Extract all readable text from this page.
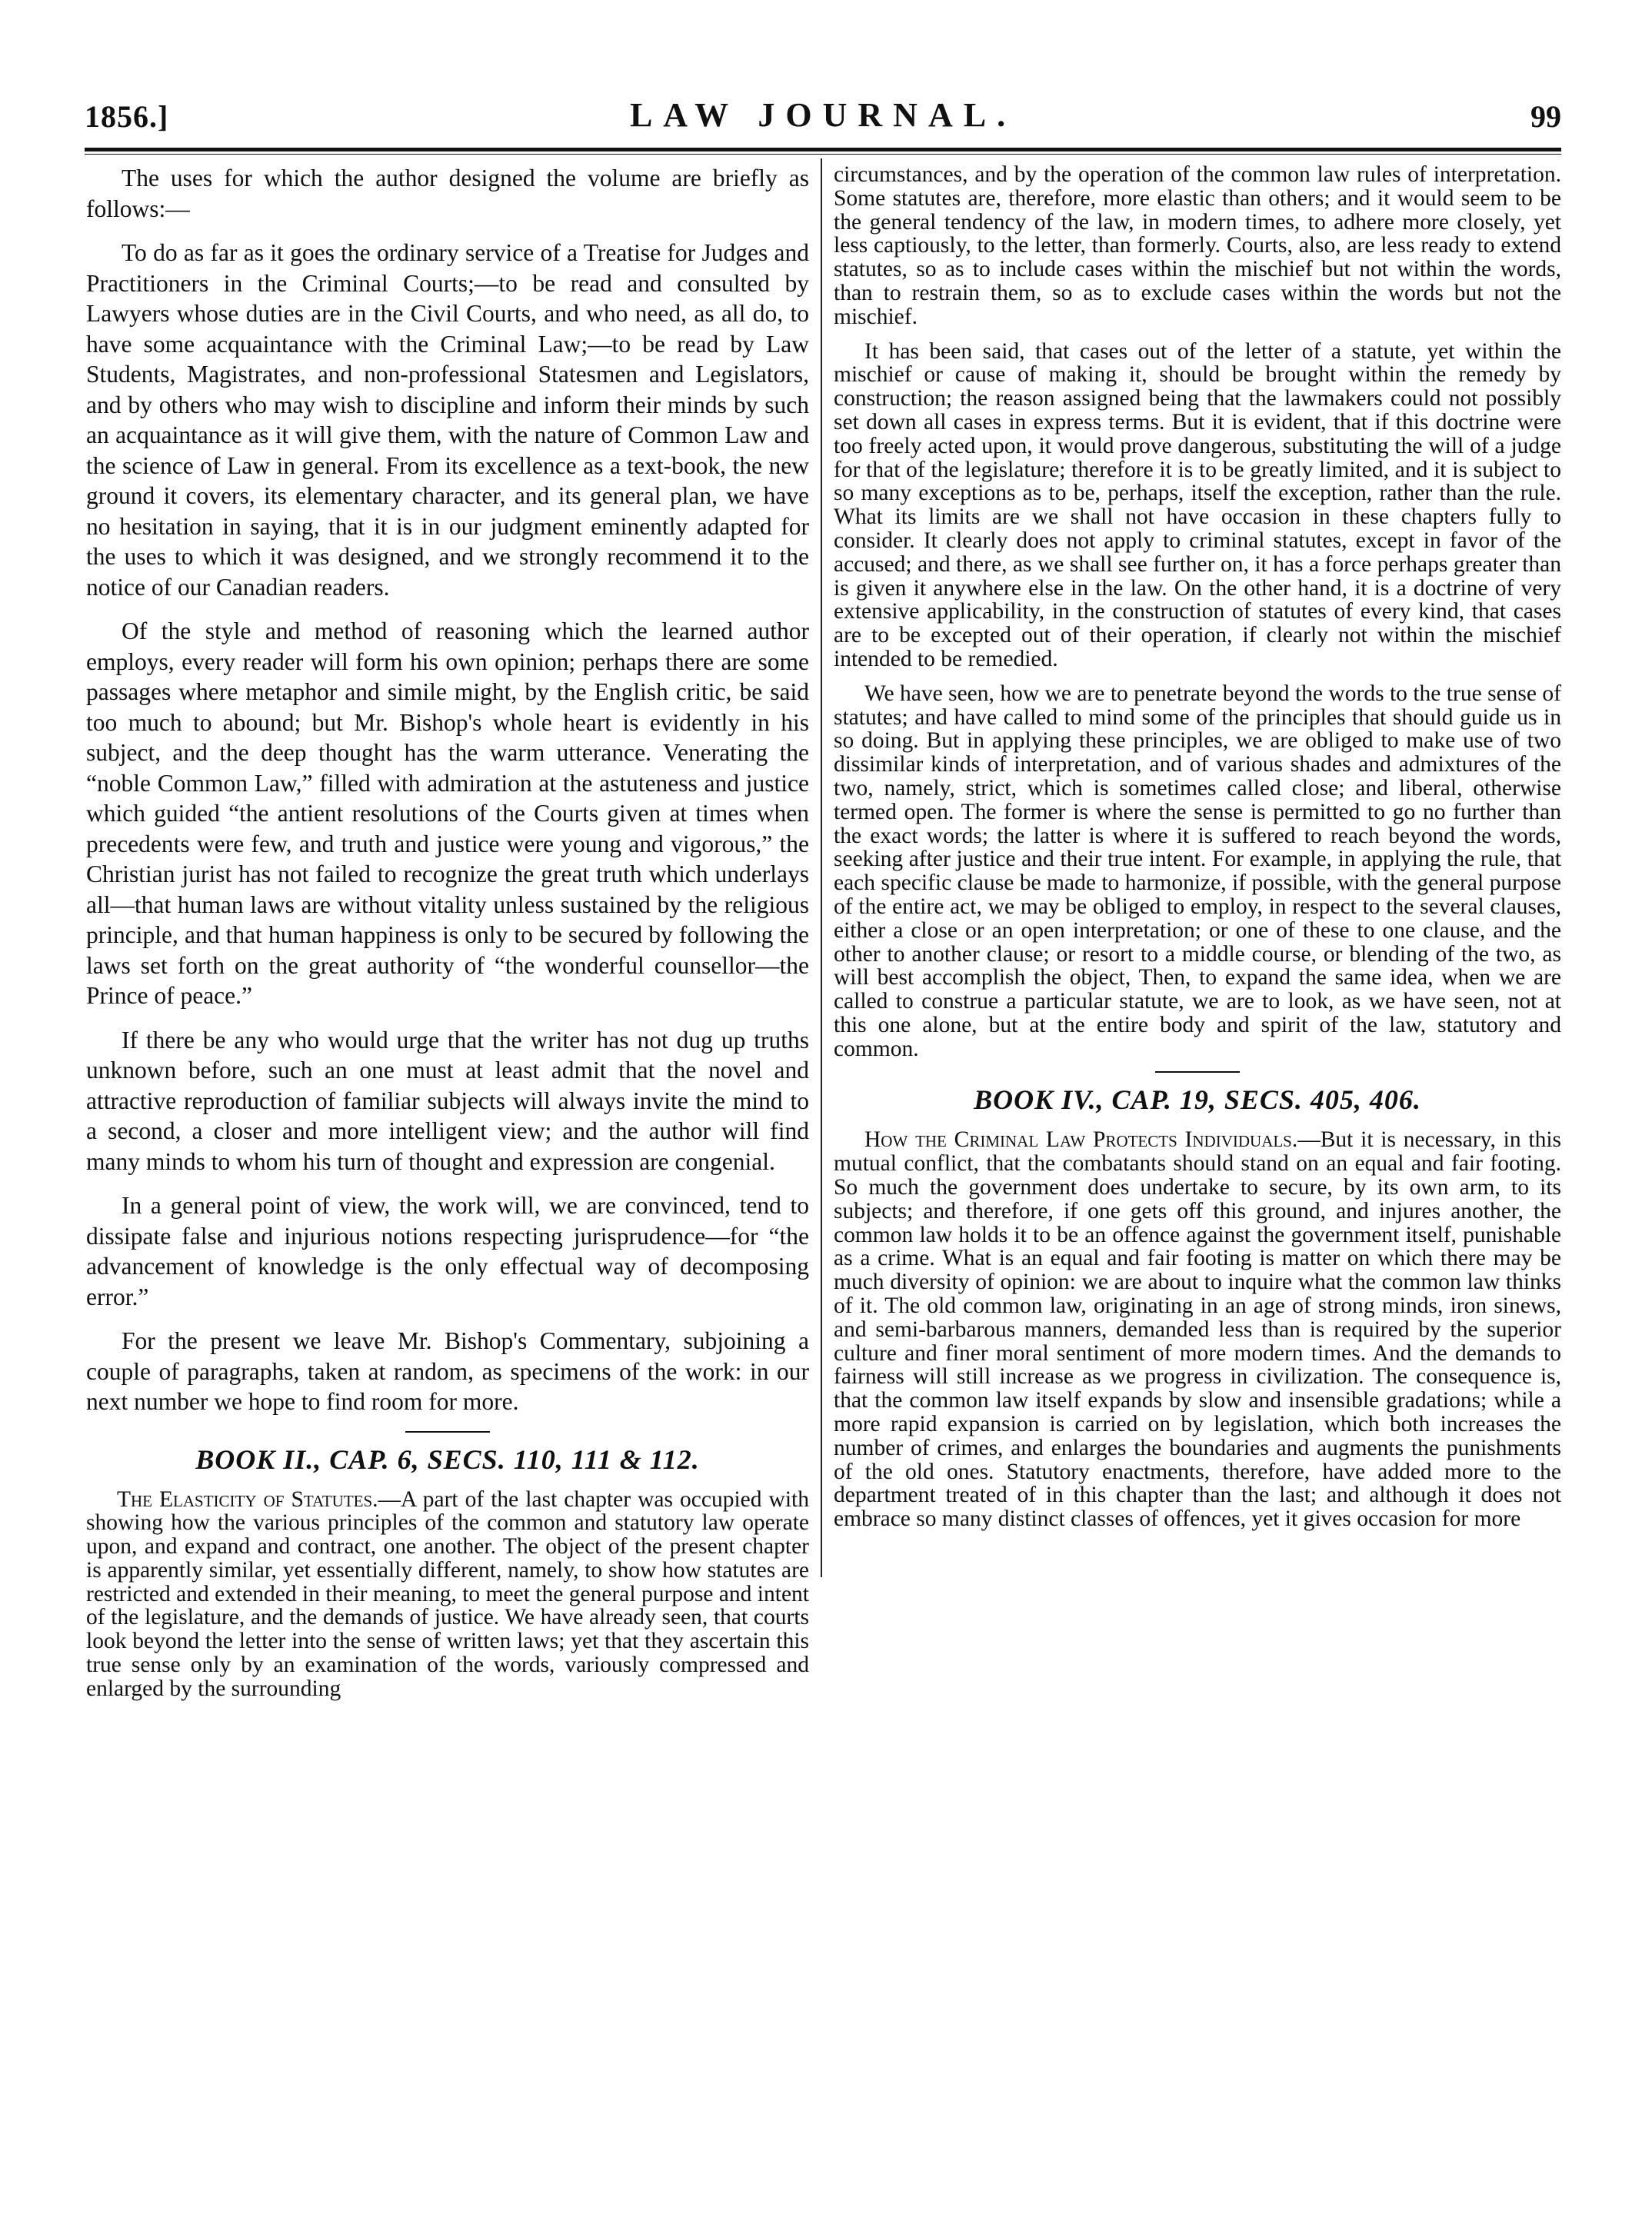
1856.]	LAW JOURNAL.	99

The uses for which the author designed the volume are briefly as follows:—

To do as far as it goes the ordinary service of a Treatise for Judges and Practitioners in the Criminal Courts;—to be read and consulted by Lawyers whose duties are in the Civil Courts, and who need, as all do, to have some acquaintance with the Criminal Law;—to be read by Law Students, Magistrates, and non-professional Statesmen and Legislators, and by others who may wish to discipline and inform their minds by such an acquaintance as it will give them, with the nature of Common Law and the science of Law in general. From its excellence as a text-book, the new ground it covers, its elementary character, and its general plan, we have no hesitation in saying, that it is in our judgment eminently adapted for the uses to which it was designed, and we strongly recommend it to the notice of our Canadian readers.

Of the style and method of reasoning which the learned author employs, every reader will form his own opinion; perhaps there are some passages where metaphor and simile might, by the English critic, be said too much to abound; but Mr. Bishop's whole heart is evidently in his subject, and the deep thought has the warm utterance. Venerating the “noble Common Law,” filled with admiration at the astuteness and justice which guided “the antient resolutions of the Courts given at times when precedents were few, and truth and justice were young and vigorous,” the Christian jurist has not failed to recognize the great truth which underlays all—that human laws are without vitality unless sustained by the religious principle, and that human happiness is only to be secured by following the laws set forth on the great authority of “the wonderful counsellor—the Prince of peace.”

If there be any who would urge that the writer has not dug up truths unknown before, such an one must at least admit that the novel and attractive reproduction of familiar subjects will always invite the mind to a second, a closer and more intelligent view; and the author will find many minds to whom his turn of thought and expression are congenial.

In a general point of view, the work will, we are convinced, tend to dissipate false and injurious notions respecting jurisprudence—for “the advancement of knowledge is the only effectual way of decomposing error.”

For the present we leave Mr. Bishop's Commentary, subjoining a couple of paragraphs, taken at random, as specimens of the work: in our next number we hope to find room for more.

BOOK II., CAP. 6, SECS. 110, 111 & 112.

The Elasticity of Statutes.—A part of the last chapter was occupied with showing how the various principles of the common and statutory law operate upon, and expand and contract, one another. The object of the present chapter is apparently similar, yet essentially different, namely, to show how statutes are restricted and extended in their meaning, to meet the general purpose and intent of the legislature, and the demands of justice. We have already seen, that courts look beyond the letter into the sense of written laws; yet that they ascertain this true sense only by an examination of the words, variously compressed and enlarged by the surrounding

circumstances, and by the operation of the common law rules of interpretation. Some statutes are, therefore, more elastic than others; and it would seem to be the general tendency of the law, in modern times, to adhere more closely, yet less captiously, to the letter, than formerly. Courts, also, are less ready to extend statutes, so as to include cases within the mischief but not within the words, than to restrain them, so as to exclude cases within the words but not the mischief.

It has been said, that cases out of the letter of a statute, yet within the mischief or cause of making it, should be brought within the remedy by construction; the reason assigned being that the lawmakers could not possibly set down all cases in express terms. But it is evident, that if this doctrine were too freely acted upon, it would prove dangerous, substituting the will of a judge for that of the legislature; therefore it is to be greatly limited, and it is subject to so many exceptions as to be, perhaps, itself the exception, rather than the rule. What its limits are we shall not have occasion in these chapters fully to consider. It clearly does not apply to criminal statutes, except in favor of the accused; and there, as we shall see further on, it has a force perhaps greater than is given it anywhere else in the law. On the other hand, it is a doctrine of very extensive applicability, in the construction of statutes of every kind, that cases are to be excepted out of their operation, if clearly not within the mischief intended to be remedied.

We have seen, how we are to penetrate beyond the words to the true sense of statutes; and have called to mind some of the principles that should guide us in so doing. But in applying these principles, we are obliged to make use of two dissimilar kinds of interpretation, and of various shades and admixtures of the two, namely, strict, which is sometimes called close; and liberal, otherwise termed open. The former is where the sense is permitted to go no further than the exact words; the latter is where it is suffered to reach beyond the words, seeking after justice and their true intent. For example, in applying the rule, that each specific clause be made to harmonize, if possible, with the general purpose of the entire act, we may be obliged to employ, in respect to the several clauses, either a close or an open interpretation; or one of these to one clause, and the other to another clause; or resort to a middle course, or blending of the two, as will best accomplish the object, Then, to expand the same idea, when we are called to construe a particular statute, we are to look, as we have seen, not at this one alone, but at the entire body and spirit of the law, statutory and common.

BOOK IV., CAP. 19, SECS. 405, 406.

How the Criminal Law Protects Individuals.—But it is necessary, in this mutual conflict, that the combatants should stand on an equal and fair footing. So much the government does undertake to secure, by its own arm, to its subjects; and therefore, if one gets off this ground, and injures another, the common law holds it to be an offence against the government itself, punishable as a crime. What is an equal and fair footing is matter on which there may be much diversity of opinion: we are about to inquire what the common law thinks of it. The old common law, originating in an age of strong minds, iron sinews, and semi-barbarous manners, demanded less than is required by the superior culture and finer moral sentiment of more modern times. And the demands to fairness will still increase as we progress in civilization. The consequence is, that the common law itself expands by slow and insensible gradations; while a more rapid expansion is carried on by legislation, which both increases the number of crimes, and enlarges the boundaries and augments the punishments of the old ones. Statutory enactments, therefore, have added more to the department treated of in this chapter than the last; and although it does not embrace so many distinct classes of offences, yet it gives occasion for more
